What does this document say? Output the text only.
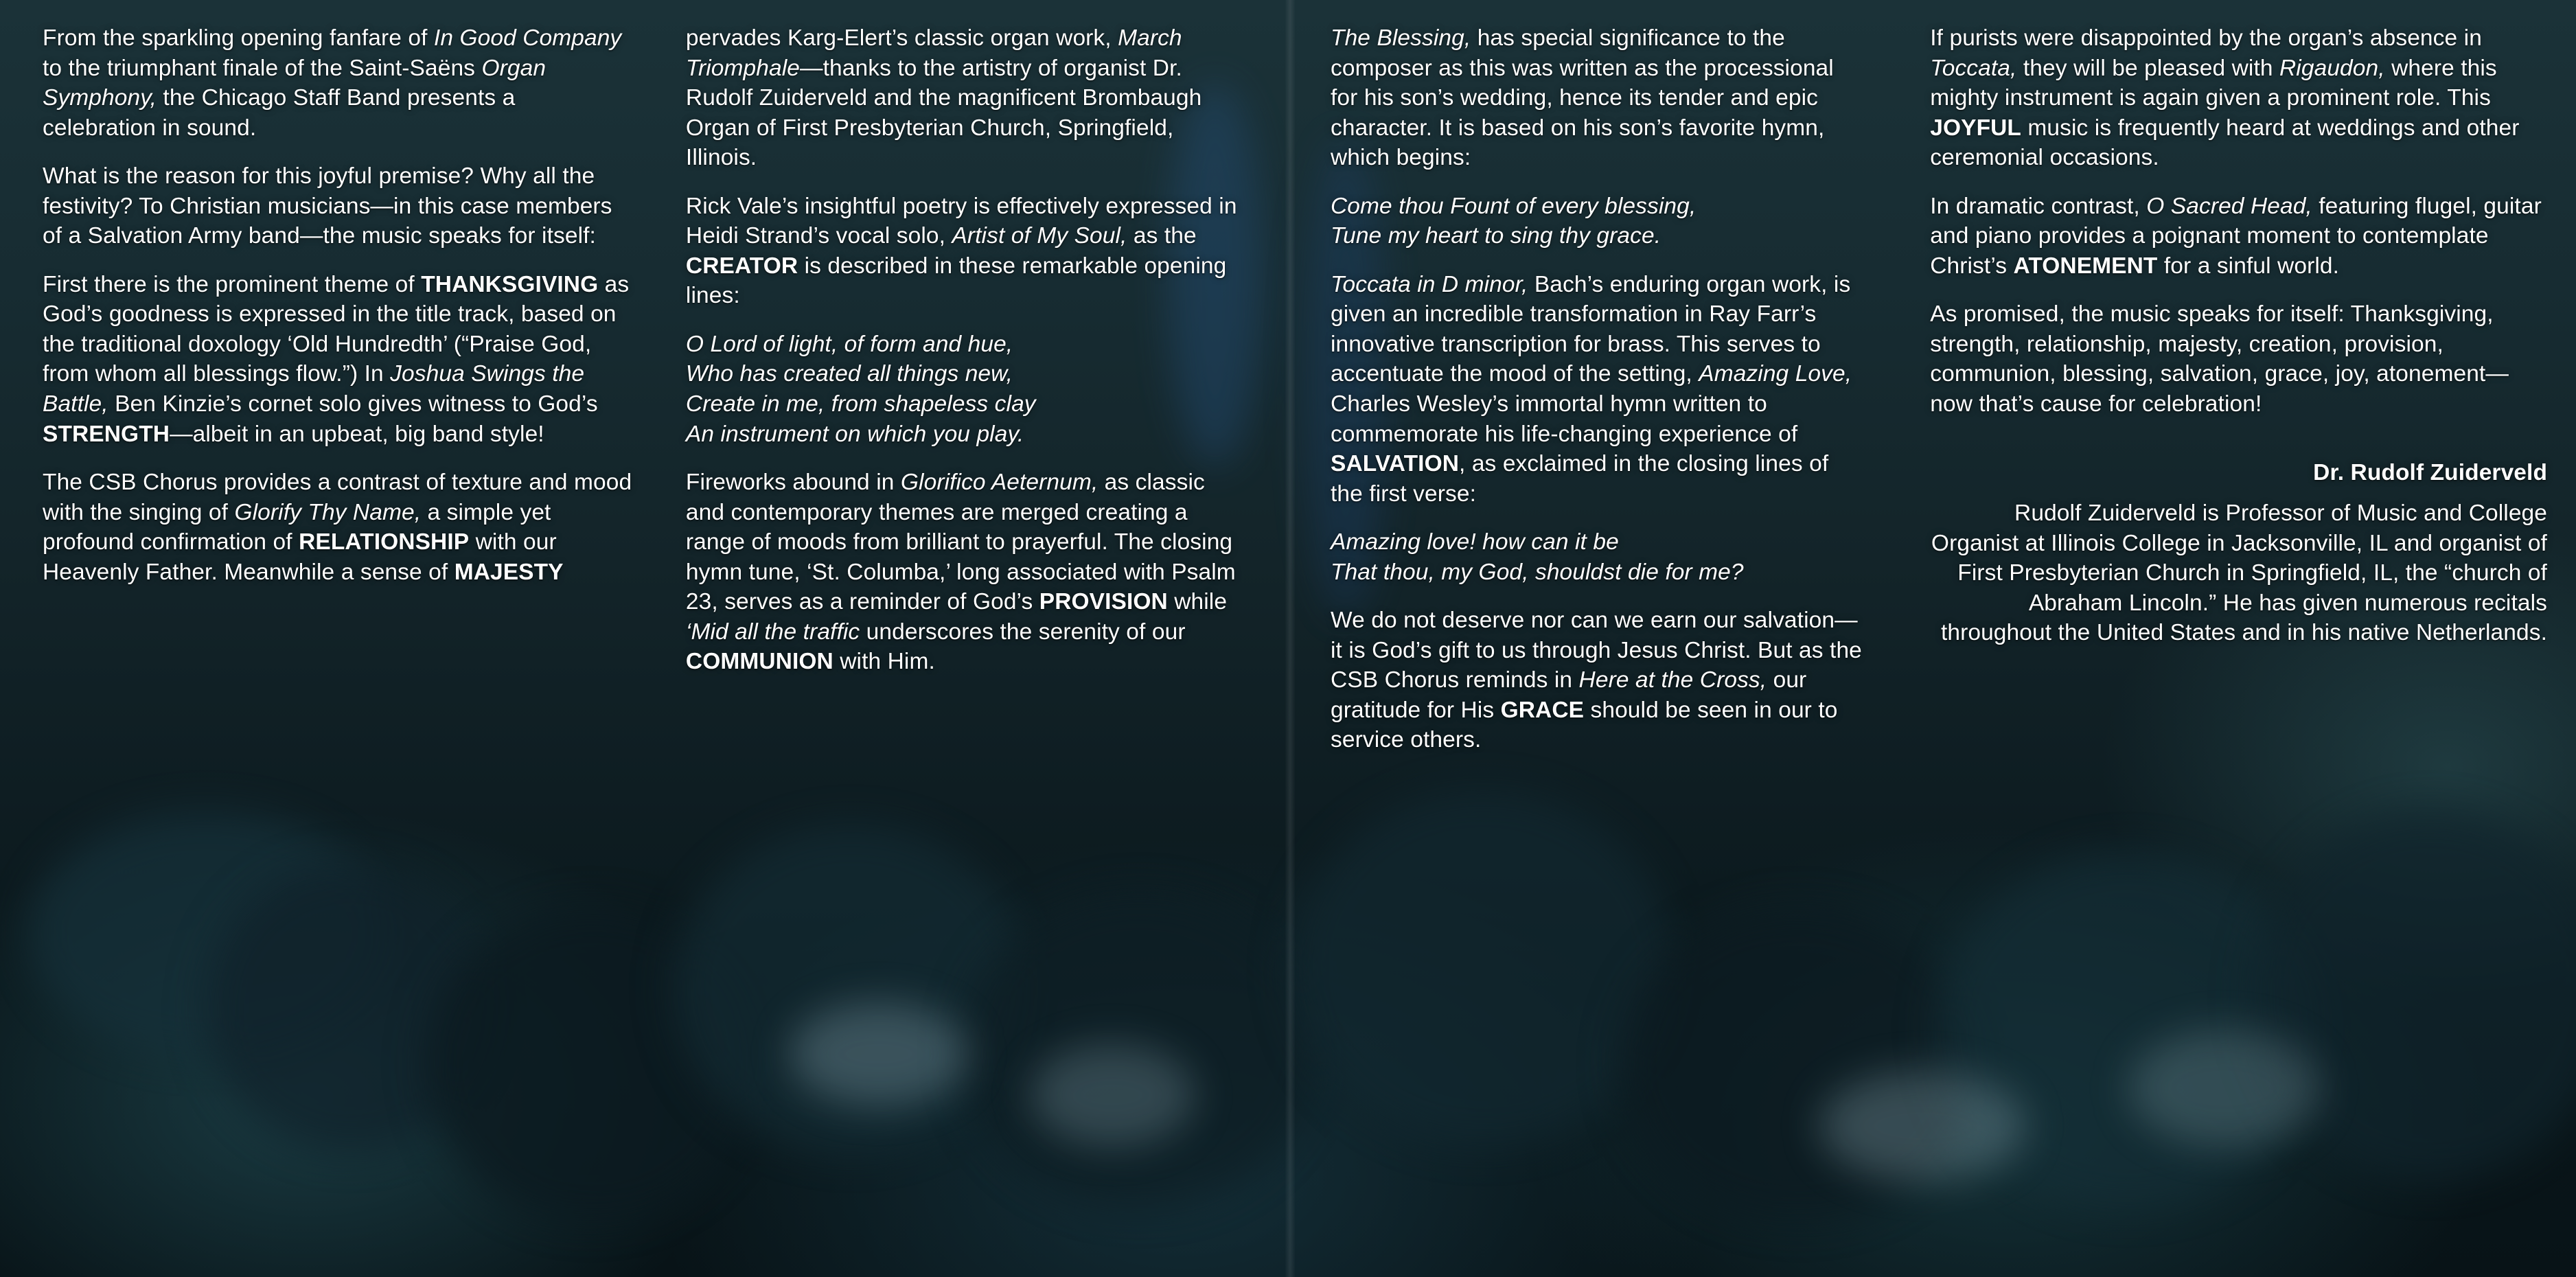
From the sparkling opening fanfare of In Good Company to the triumphant finale of the Saint-Saëns Organ Symphony, the Chicago Staff Band presents a celebration in sound.

What is the reason for this joyful premise? Why all the festivity? To Christian musicians—in this case members of a Salvation Army band—the music speaks for itself:

First there is the prominent theme of THANKSGIVING as God’s goodness is expressed in the title track, based on the traditional doxology ‘Old Hundredth’ (“Praise God, from whom all blessings flow.”) In Joshua Swings the Battle, Ben Kinzie’s cornet solo gives witness to God’s STRENGTH—albeit in an upbeat, big band style!

The CSB Chorus provides a contrast of texture and mood with the singing of Glorify Thy Name, a simple yet profound confirmation of RELATIONSHIP with our Heavenly Father. Meanwhile a sense of MAJESTY

pervades Karg-Elert’s classic organ work, March Triomphale—thanks to the artistry of organist Dr. Rudolf Zuiderveld and the magnificent Brombaugh Organ of First Presbyterian Church, Springfield, Illinois.

Rick Vale’s insightful poetry is effectively expressed in Heidi Strand’s vocal solo, Artist of My Soul, as the CREATOR is described in these remarkable opening lines:

O Lord of light, of form and hue,
Who has created all things new,
Create in me, from shapeless clay
An instrument on which you play.

Fireworks abound in Glorifico Aeternum, as classic and contemporary themes are merged creating a range of moods from brilliant to prayerful. The closing hymn tune, ‘St. Columba,’ long associated with Psalm 23, serves as a reminder of God’s PROVISION while ‘Mid all the traffic underscores the serenity of our COMMUNION with Him.

The Blessing, has special significance to the composer as this was written as the processional for his son’s wedding, hence its tender and epic character. It is based on his son’s favorite hymn, which begins:

Come thou Fount of every blessing,
Tune my heart to sing thy grace.

Toccata in D minor, Bach’s enduring organ work, is given an incredible transformation in Ray Farr’s innovative transcription for brass. This serves to accentuate the mood of the setting, Amazing Love, Charles Wesley’s immortal hymn written to commemorate his life-changing experience of SALVATION, as exclaimed in the closing lines of the first verse:

Amazing love! how can it be
That thou, my God, shouldst die for me?

We do not deserve nor can we earn our salvation—it is God’s gift to us through Jesus Christ. But as the CSB Chorus reminds in Here at the Cross, our gratitude for His GRACE should be seen in our to service others.

If purists were disappointed by the organ’s absence in Toccata, they will be pleased with Rigaudon, where this mighty instrument is again given a prominent role. This JOYFUL music is frequently heard at weddings and other ceremonial occasions.

In dramatic contrast, O Sacred Head, featuring flugel, guitar and piano provides a poignant moment to contemplate Christ’s ATONEMENT for a sinful world.

As promised, the music speaks for itself: Thanksgiving, strength, relationship, majesty, creation, provision, communion, blessing, salvation, grace, joy, atonement—now that’s cause for celebration!

Dr. Rudolf Zuiderveld

Rudolf Zuiderveld is Professor of Music and College Organist at Illinois College in Jacksonville, IL and organist of First Presbyterian Church in Springfield, IL, the “church of Abraham Lincoln.” He has given numerous recitals throughout the United States and in his native Netherlands.
